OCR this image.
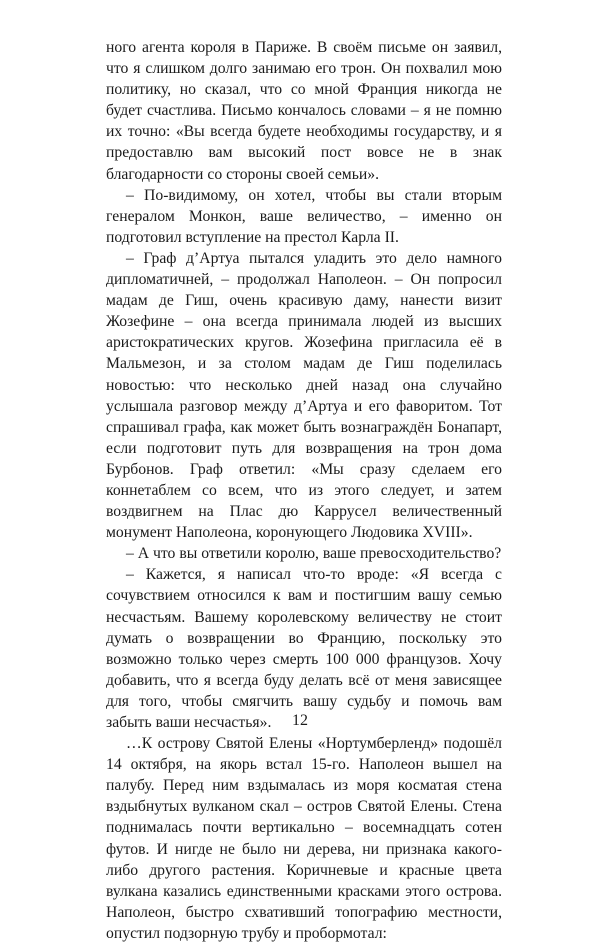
ного агента короля в Париже. В своём письме он заявил, что я слишком долго занимаю его трон. Он похвалил мою политику, но сказал, что со мной Франция никогда не будет счастлива. Письмо кончалось словами – я не помню их точно: «Вы всегда будете необходимы государству, и я предоставлю вам высокий пост вовсе не в знак благодарности со стороны своей семьи».

– По-видимому, он хотел, чтобы вы стали вторым генералом Монкон, ваше величество, – именно он подготовил вступление на престол Карла II.

– Граф д’Артуа пытался уладить это дело намного дипломатичней, – продолжал Наполеон. – Он попросил мадам де Гиш, очень красивую даму, нанести визит Жозефине – она всегда принимала людей из высших аристократических кругов. Жозефина пригласила её в Мальмезон, и за столом мадам де Гиш поделилась новостью: что несколько дней назад она случайно услышала разговор между д’Артуа и его фаворитом. Тот спрашивал графа, как может быть вознаграждён Бонапарт, если подготовит путь для возвращения на трон дома Бурбонов. Граф ответил: «Мы сразу сделаем его коннетаблем со всем, что из этого следует, и затем воздвигнем на Плас дю Каррусел величественный монумент Наполеона, коронующего Людовика XVIII».

– А что вы ответили королю, ваше превосходительство?

– Кажется, я написал что-то вроде: «Я всегда с сочувствием относился к вам и постигшим вашу семью несчастьям. Вашему королевскому величеству не стоит думать о возвращении во Францию, поскольку это возможно только через смерть 100 000 французов. Хочу добавить, что я всегда буду делать всё от меня зависящее для того, чтобы смягчить вашу судьбу и помочь вам забыть ваши несчастья».

…К острову Святой Елены «Нортумберленд» подошёл 14 октября, на якорь встал 15-го. Наполеон вышел на палубу. Перед ним вздымалась из моря косматая стена вздыбнутых вулканом скал – остров Святой Елены. Стена поднималась почти вертикально – восемнадцать сотен футов. И нигде не было ни дерева, ни признака какого-либо другого растения. Коричневые и красные цвета вулкана казались единственными красками этого острова. Наполеон, быстро схвативший топографию местности, опустил подзорную трубу и пробормотал:

12
